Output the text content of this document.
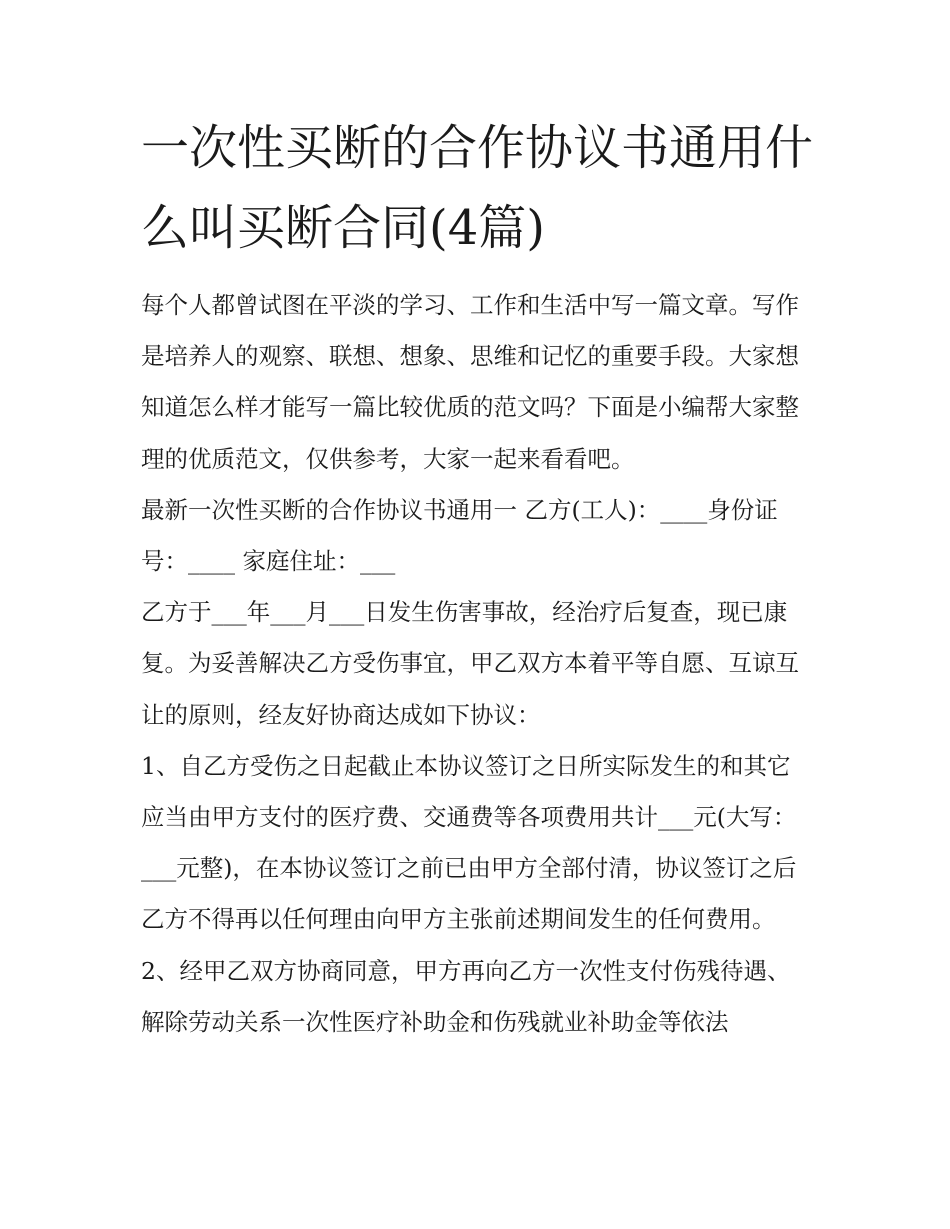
一次性买断的合作协议书通用什么叫买断合同(4篇)

每个人都曾试图在平淡的学习、工作和生活中写一篇文章。写作是培养人的观察、联想、想象、思维和记忆的重要手段。大家想知道怎么样才能写一篇比较优质的范文吗？下面是小编帮大家整理的优质范文，仅供参考，大家一起来看看吧。

最新一次性买断的合作协议书通用一 乙方(工人)：____身份证号：____ 家庭住址：___

乙方于___年___月___日发生伤害事故，经治疗后复查，现已康复。为妥善解决乙方受伤事宜，甲乙双方本着平等自愿、互谅互让的原则，经友好协商达成如下协议：

1、自乙方受伤之日起截止本协议签订之日所实际发生的和其它应当由甲方支付的医疗费、交通费等各项费用共计___元(大写：___元整)，在本协议签订之前已由甲方全部付清，协议签订之后乙方不得再以任何理由向甲方主张前述期间发生的任何费用。

2、经甲乙双方协商同意，甲方再向乙方一次性支付伤残待遇、解除劳动关系一次性医疗补助金和伤残就业补助金等依法
